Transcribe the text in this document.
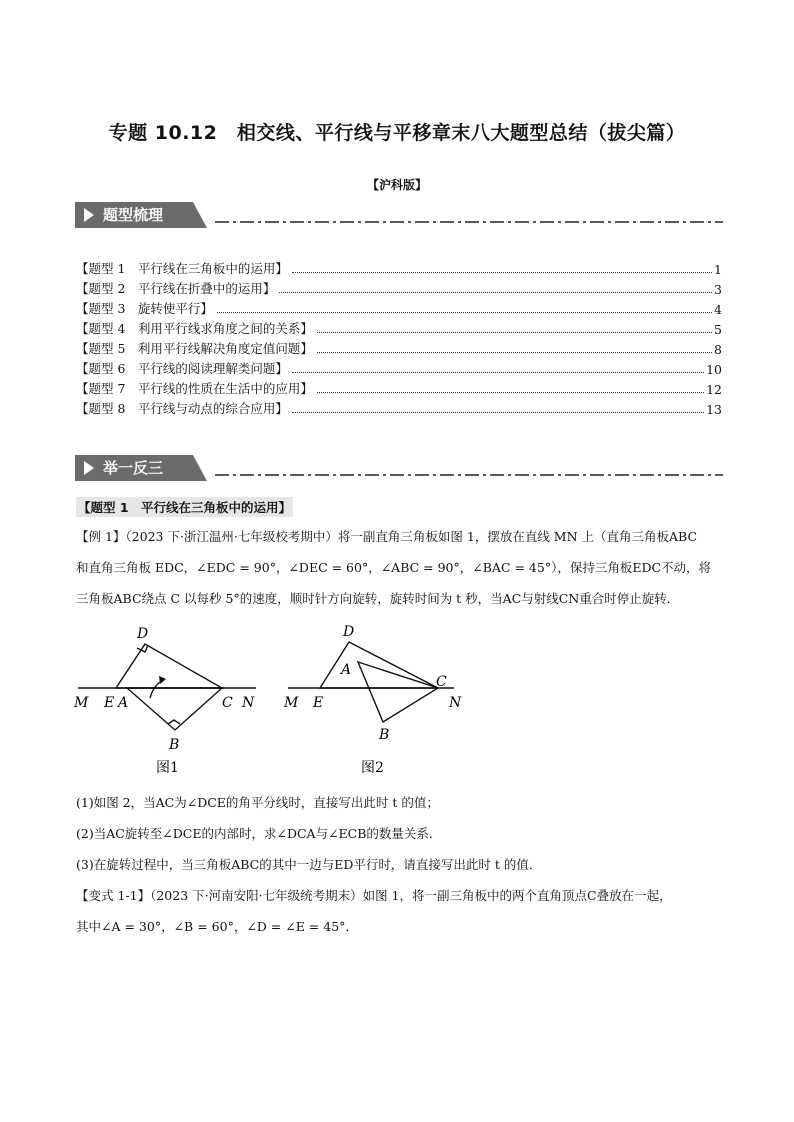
专题 10.12　相交线、平行线与平移章末八大题型总结（拔尖篇）
【沪科版】
题型梳理
【题型 1　平行线在三角板中的运用】	1
【题型 2　平行线在折叠中的运用】	3
【题型 3　旋转使平行】	4
【题型 4　利用平行线求角度之间的关系】	5
【题型 5　利用平行线解决角度定值问题】	8
【题型 6　平行线的阅读理解类问题】	10
【题型 7　平行线的性质在生活中的应用】	12
【题型 8　平行线与动点的综合应用】	13
举一反三
【题型 1　平行线在三角板中的运用】
【例 1】（2023 下·浙江温州·七年级校考期中）将一副直角三角板如图 1，摆放在直线 MN 上（直角三角板ABC
和直角三角板 EDC，∠EDC = 90°，∠DEC = 60°，∠ABC = 90°，∠BAC = 45°），保持三角板EDC不动，将
三角板ABC绕点 C 以每秒 5°的速度，顺时针方向旋转，旋转时间为 t 秒，当AC与射线CN重合时停止旋转．
D
M E A	C N
B
图1
D
A
C
M E	N
B
图2
(1)如图 2，当AC为∠DCE的角平分线时，直接写出此时 t 的值；
(2)当AC旋转至∠DCE的内部时，求∠DCA与∠ECB的数量关系．
(3)在旋转过程中，当三角板ABC的其中一边与ED平行时，请直接写出此时 t 的值．
【变式 1-1】（2023 下·河南安阳·七年级统考期末）如图 1，将一副三角板中的两个直角顶点C叠放在一起，
其中∠A = 30°，∠B = 60°，∠D = ∠E = 45°．
